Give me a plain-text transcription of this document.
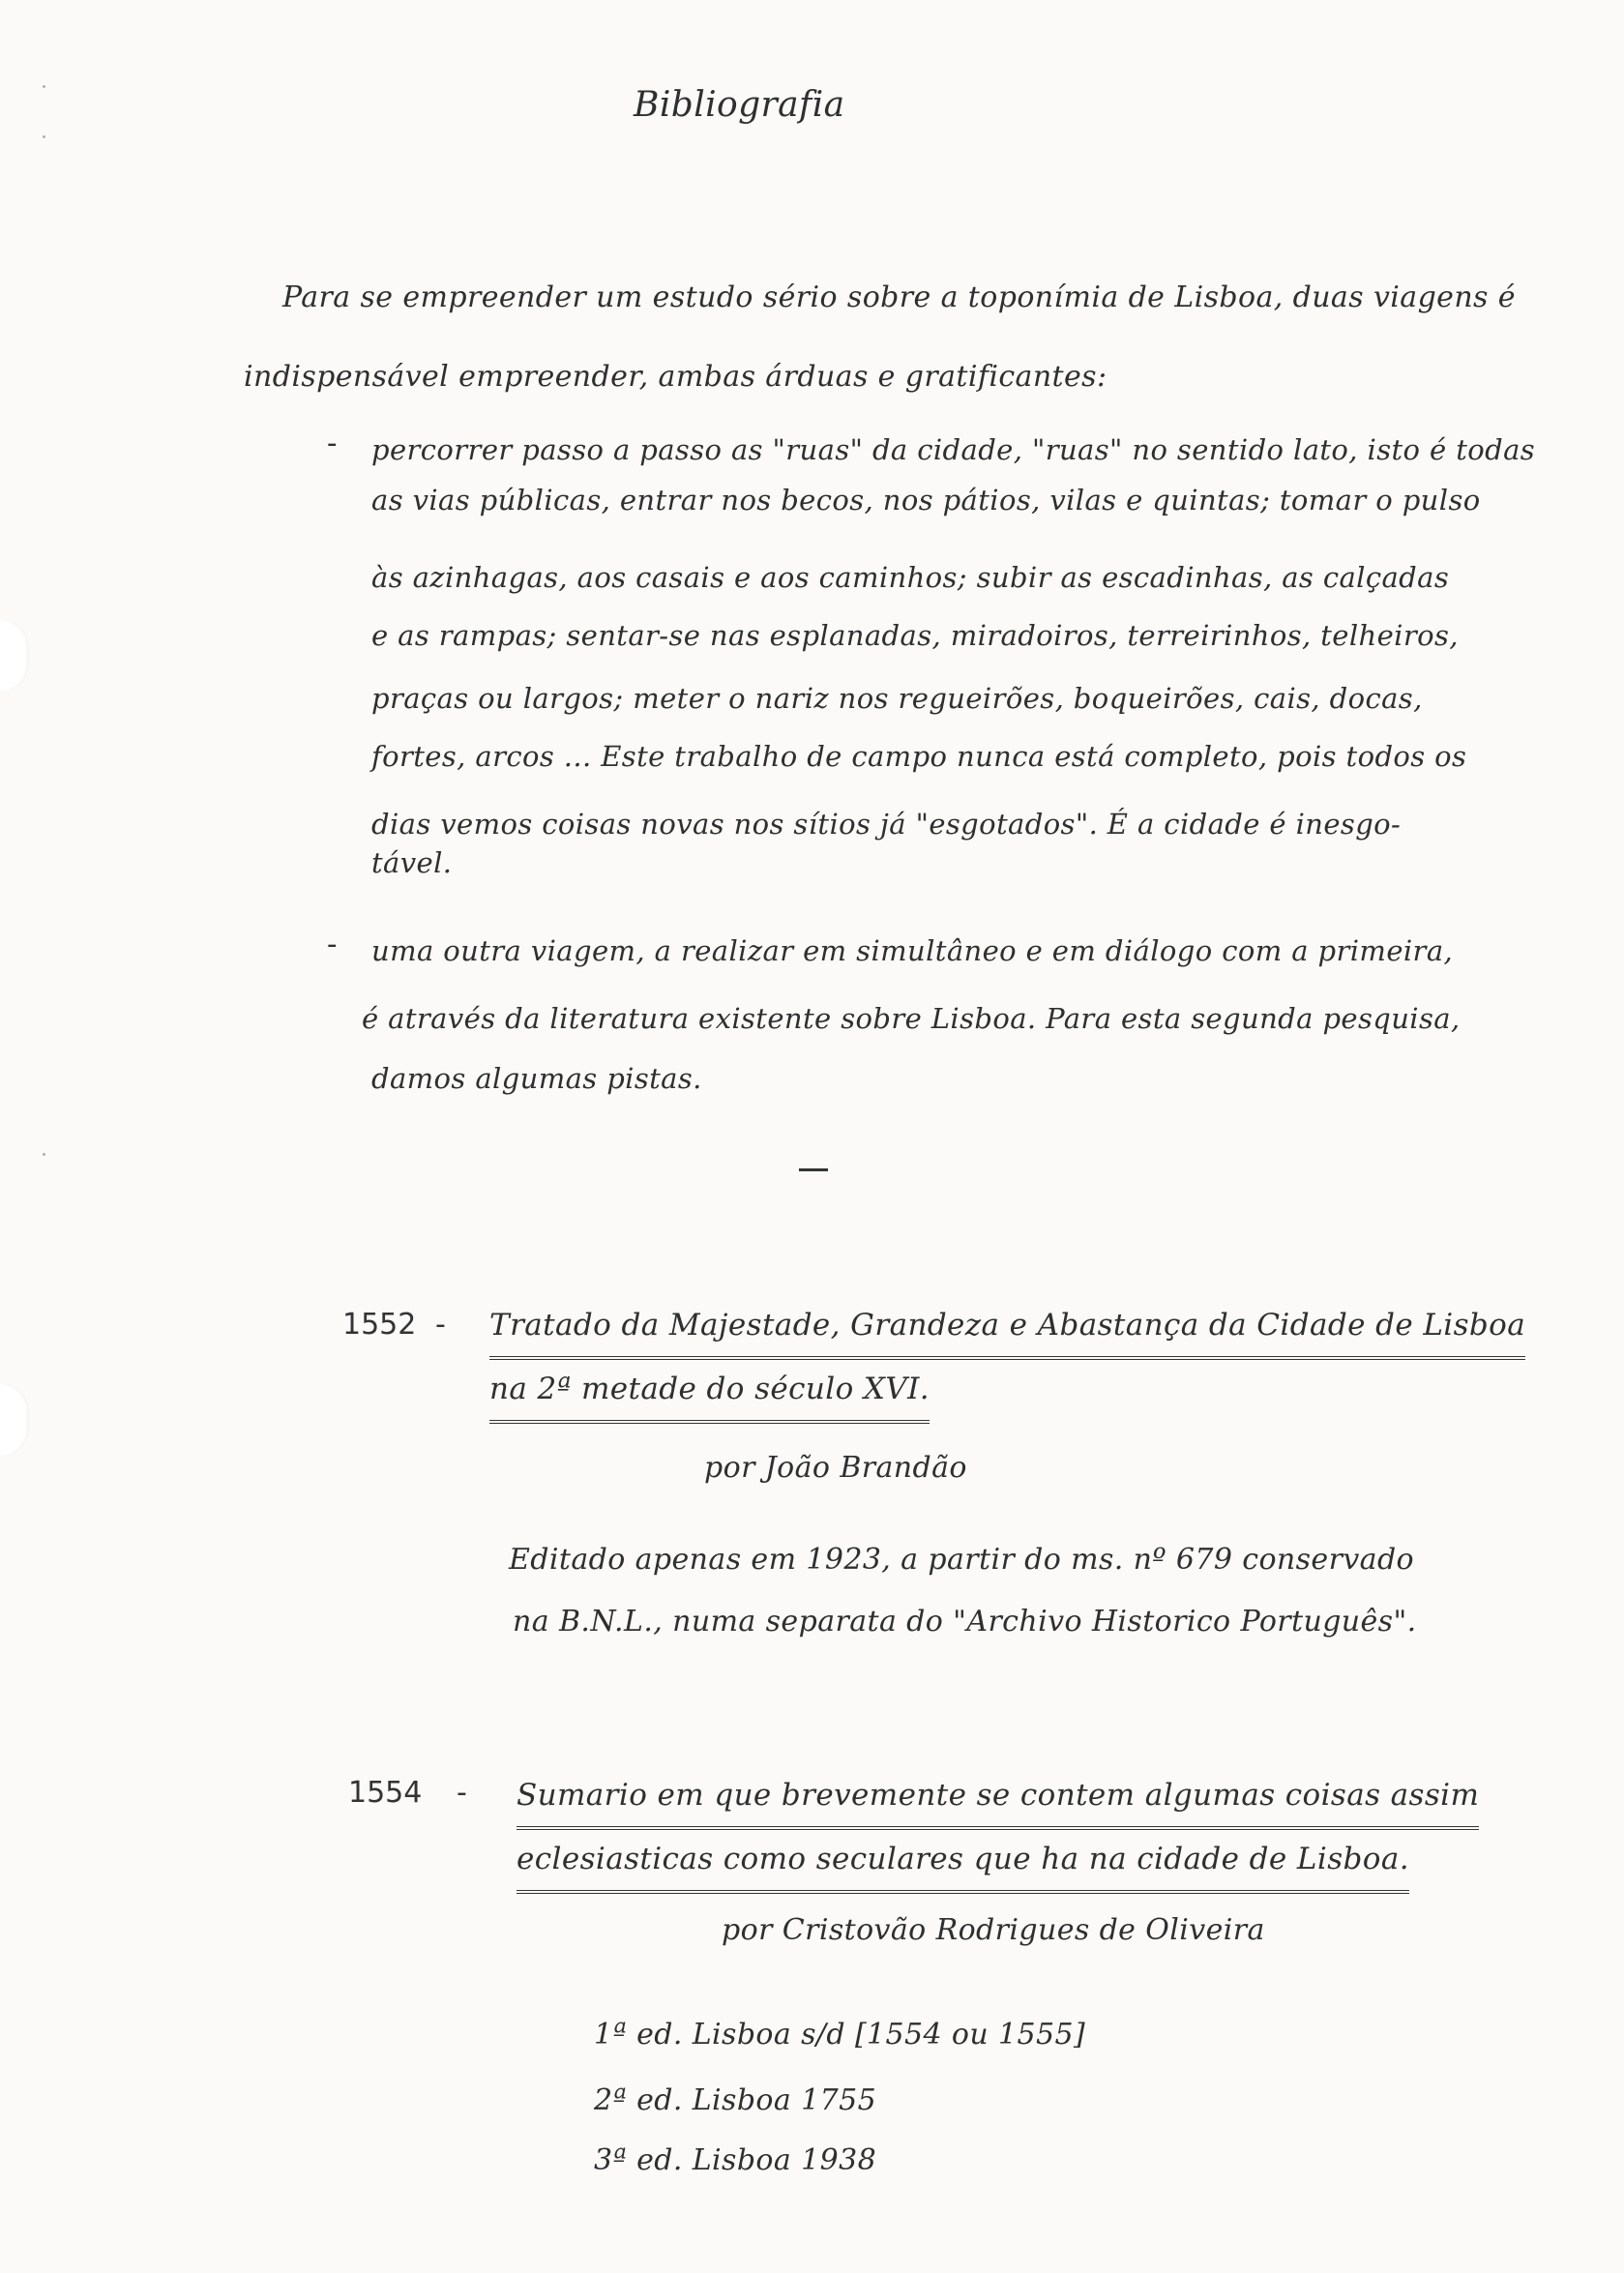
Bibliografia
Para se empreender um estudo sério sobre a toponímia de Lisboa, duas viagens é
indispensável empreender, ambas árduas e gratificantes:
- percorrer passo a passo as "ruas" da cidade, "ruas" no sentido lato, isto é todas
as vias públicas, entrar nos becos, nos pátios, vilas e quintas; tomar o pulso
às azinhagas, aos casais e aos caminhos; subir as escadinhas, as calçadas
e as rampas; sentar-se nas esplanadas, miradoiros, terreirinhos, telheiros,
praças ou largos; meter o nariz nos regueirões, boqueirões, cais, docas,
fortes, arcos ... Este trabalho de campo nunca está completo, pois todos os
dias vemos coisas novas nos sítios já "esgotados". É a cidade é inesgo-
tável.
- uma outra viagem, a realizar em simultâneo e em diálogo com a primeira,
é através da literatura existente sobre Lisboa. Para esta segunda pesquisa,
damos algumas pistas.
1552 - Tratado da Majestade, Grandeza e Abastança da Cidade de Lisboa
na 2ª metade do século XVI.
por João Brandão
Editado apenas em 1923, a partir do ms. nº 679 conservado
na B.N.L., numa separata do "Archivo Historico Português".
1554 - Sumario em que brevemente se contem algumas coisas assim
eclesiasticas como seculares que ha na cidade de Lisboa.
por Cristovão Rodrigues de Oliveira
1ª ed. Lisboa s/d [1554 ou 1555]
2ª ed. Lisboa 1755
3ª ed. Lisboa 1938
